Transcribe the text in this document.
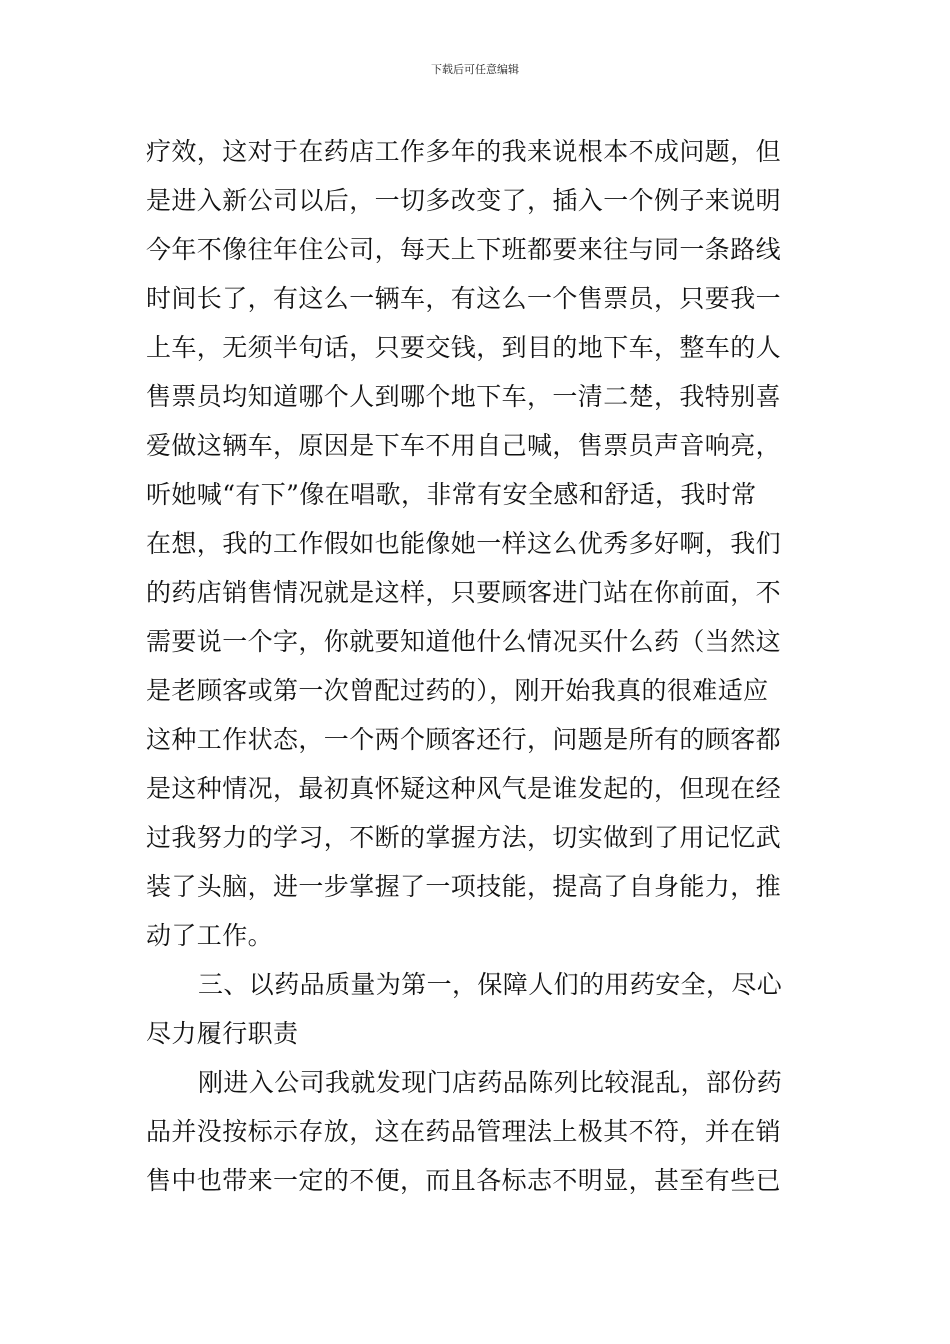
下载后可任意编辑
疗效，这对于在药店工作多年的我来说根本不成问题，但
是进入新公司以后，一切多改变了，插入一个例子来说明
今年不像往年住公司，每天上下班都要来往与同一条路线
时间长了，有这么一辆车，有这么一个售票员，只要我一
上车，无须半句话，只要交钱，到目的地下车，整车的人
售票员均知道哪个人到哪个地下车，一清二楚，我特别喜
爱做这辆车，原因是下车不用自己喊，售票员声音响亮，
听她喊“有下”像在唱歌，非常有安全感和舒适，我时常
在想，我的工作假如也能像她一样这么优秀多好啊，我们
的药店销售情况就是这样，只要顾客进门站在你前面，不
需要说一个字，你就要知道他什么情况买什么药（当然这
是老顾客或第一次曾配过药的），刚开始我真的很难适应
这种工作状态，一个两个顾客还行，问题是所有的顾客都
是这种情况，最初真怀疑这种风气是谁发起的，但现在经
过我努力的学习，不断的掌握方法，切实做到了用记忆武
装了头脑，进一步掌握了一项技能，提高了自身能力，推
动了工作。
三、以药品质量为第一，保障人们的用药安全，尽心
尽力履行职责
刚进入公司我就发现门店药品陈列比较混乱，部份药
品并没按标示存放，这在药品管理法上极其不符，并在销
售中也带来一定的不便，而且各标志不明显，甚至有些已
